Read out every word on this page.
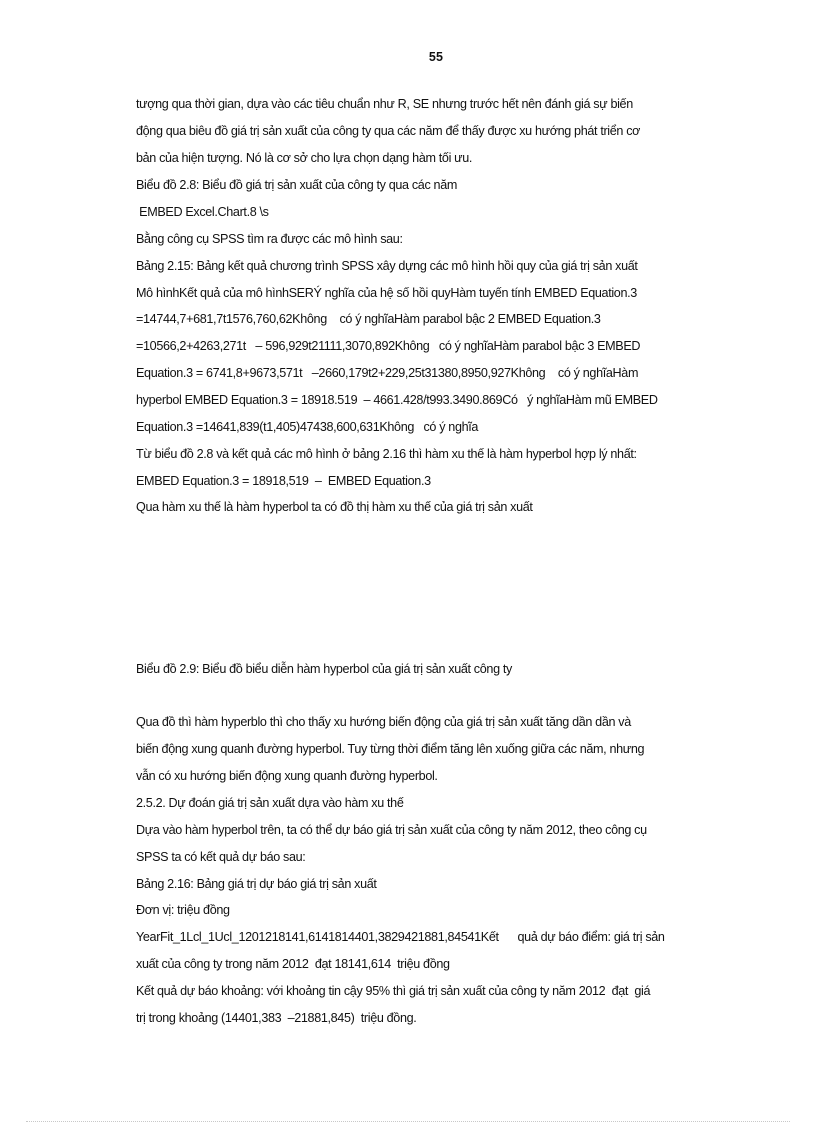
55
tượng qua thời gian, dựa vào các tiêu chuẩn như R, SE nhưng trước hết nên đánh giá sự biến
động qua biêu đồ giá trị sản xuất của công ty qua các năm để thấy được xu hướng phát triển cơ
bản của hiện tượng. Nó là cơ sở cho lựa chọn dạng hàm tối ưu.
Biểu đồ 2.8: Biểu đồ giá trị sản xuất của công ty qua các năm
EMBED Excel.Chart.8 \s
Bằng công cụ SPSS tìm ra được các mô hình sau:
Bảng 2.15: Bảng kết quả chương trình SPSS xây dựng các mô hình hồi quy của giá trị sản xuất
Mô hìnhKết quả của mô hìnhSERÝ nghĩa của hệ số hồi quyHàm tuyến tính EMBED Equation.3
=14744,7+681,7t1576,760,62Không    có ý nghĩaHàm parabol bậc 2 EMBED Equation.3
=10566,2+4263,271t   – 596,929t21111,3070,892Không   có ý nghĩaHàm parabol bậc 3 EMBED
Equation.3 = 6741,8+9673,571t   –2660,179t2+229,25t31380,8950,927Không    có ý nghĩaHàm
hyperbol EMBED Equation.3 = 18918.519  – 4661.428/t993.3490.869Có   ý nghĩaHàm mũ EMBED
Equation.3 =14641,839(t1,405)47438,600,631Không   có ý nghĩa
Từ biểu đồ 2.8 và kết quả các mô hình ở bảng 2.16 thì hàm xu thế là hàm hyperbol hợp lý nhất:
EMBED Equation.3 = 18918,519  –  EMBED Equation.3
Qua hàm xu thế là hàm hyperbol ta có đồ thị hàm xu thế của giá trị sản xuất
Biểu đồ 2.9: Biểu đồ biểu diễn hàm hyperbol của giá trị sản xuất công ty
Qua đồ thì hàm hyperblo thì cho thấy xu hướng biến động của giá trị sản xuất tăng dần dần và
biến động xung quanh đường hyperbol. Tuy từng thời điểm tăng lên xuống giữa các năm, nhưng
vẫn có xu hướng biến động xung quanh đường hyperbol.
2.5.2. Dự đoán giá trị sản xuất dựa vào hàm xu thế
Dựa vào hàm hyperbol trên, ta có thể dự báo giá trị sản xuất của công ty năm 2012, theo công cụ
SPSS ta có kết quả dự báo sau:
Bảng 2.16: Bảng giá trị dự báo giá trị sản xuất
Đơn vị: triệu đồng
YearFit_1Lcl_1Ucl_1201218141,6141814401,3829421881,84541Kết      quả dự báo điểm: giá trị sản
xuất của công ty trong năm 2012  đạt 18141,614  triệu đồng
Kết quả dự báo khoảng: với khoảng tin cậy 95% thì giá trị sản xuất của công ty năm 2012  đạt  giá
trị trong khoảng (14401,383  –21881,845)  triệu đồng.
